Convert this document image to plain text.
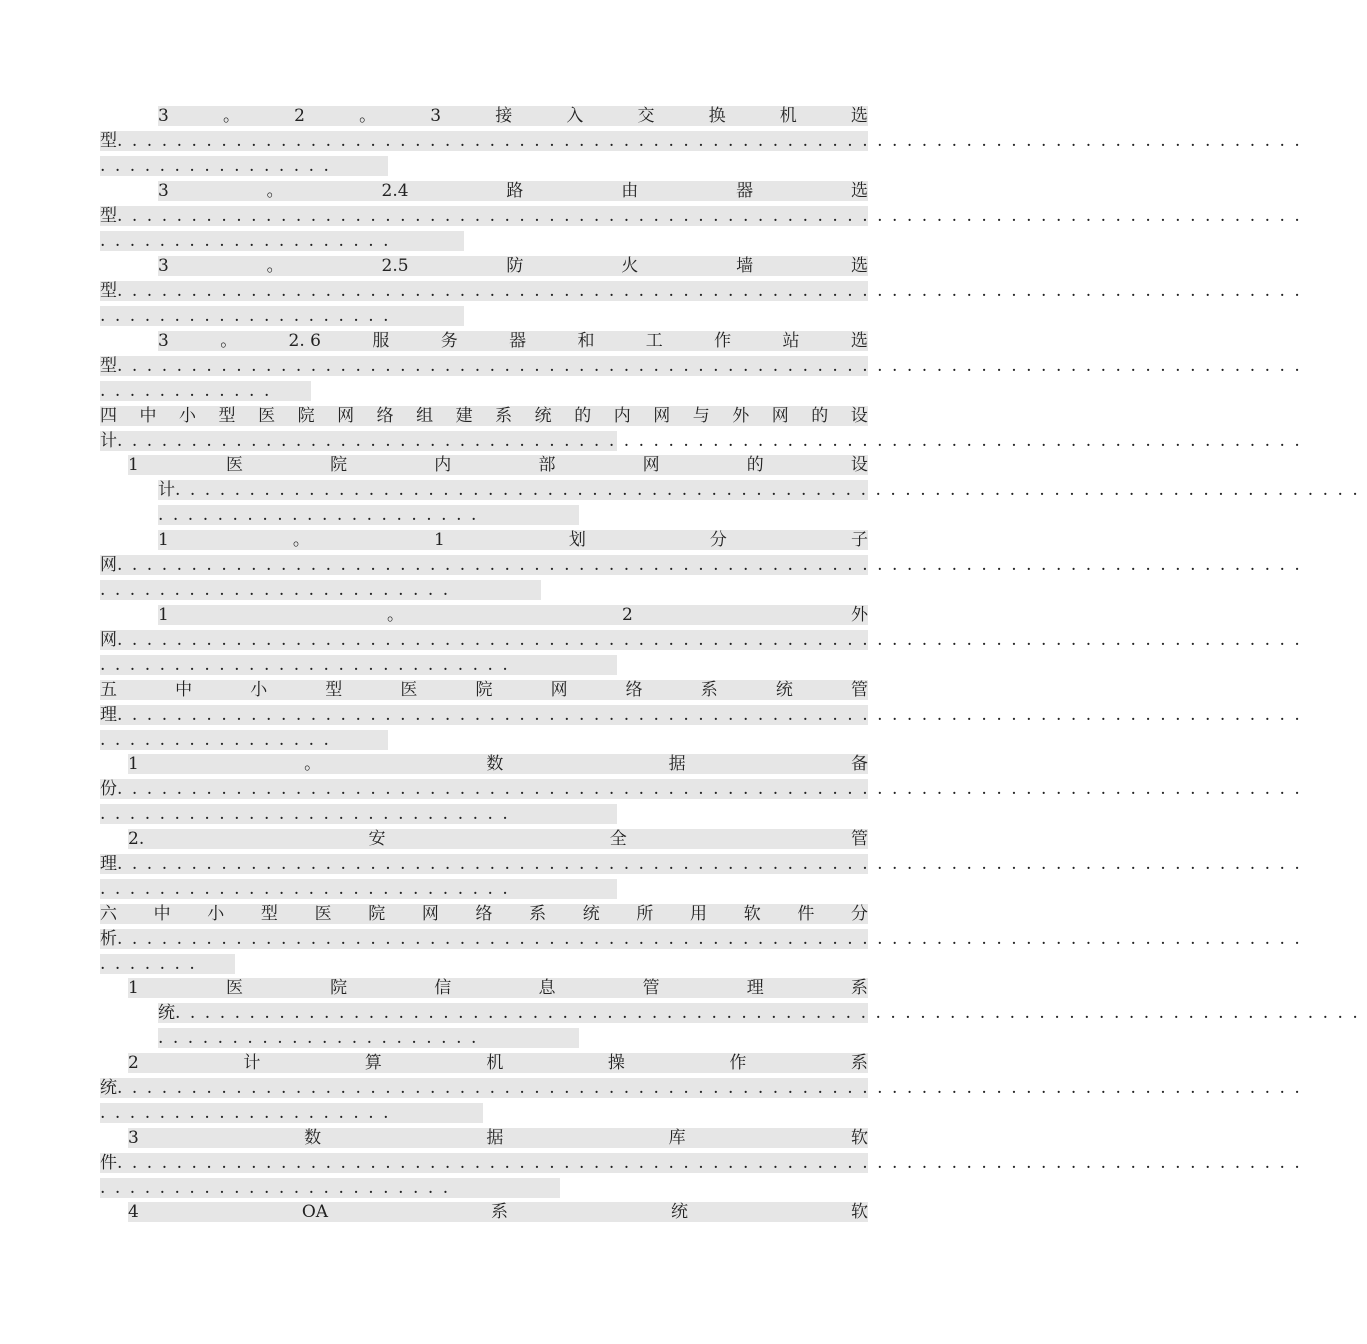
3	。	2	。	3	接	入	交	换	机	选
型................................................................................
................
3	。	2.4	路	由	器	选
型................................................................................
....................
3	。	2.5	防	火	墙	选
型................................................................................
....................
3	。	2. 6	服	务	器	和	工	作	站	选
型................................................................................
............
四 中 小 型 医 院 网 络 组 建 系 统 的 内 网 与 外 网 的 设
计................................................................................
1	医	院	内	部	网	的	设
计................................................................................
......................
1	。	1	划	分	子
网................................................................................
........................
1	。	2	外
网................................................................................
............................
五	中	小	型	医	院	网	络	系	统	管
理................................................................................
................
1	。	数	据	备
份................................................................................
............................
2.	安	全	管
理................................................................................
............................
六 中 小 型 医 院 网 络 系 统 所 用 软 件 分
析................................................................................
.......
1	医	院	信	息	管	理	系
统................................................................................
......................
2	计	算	机	操	作	系
统................................................................................
....................
3	数	据	库	软
件................................................................................
........................
4	OA	系	统	软
